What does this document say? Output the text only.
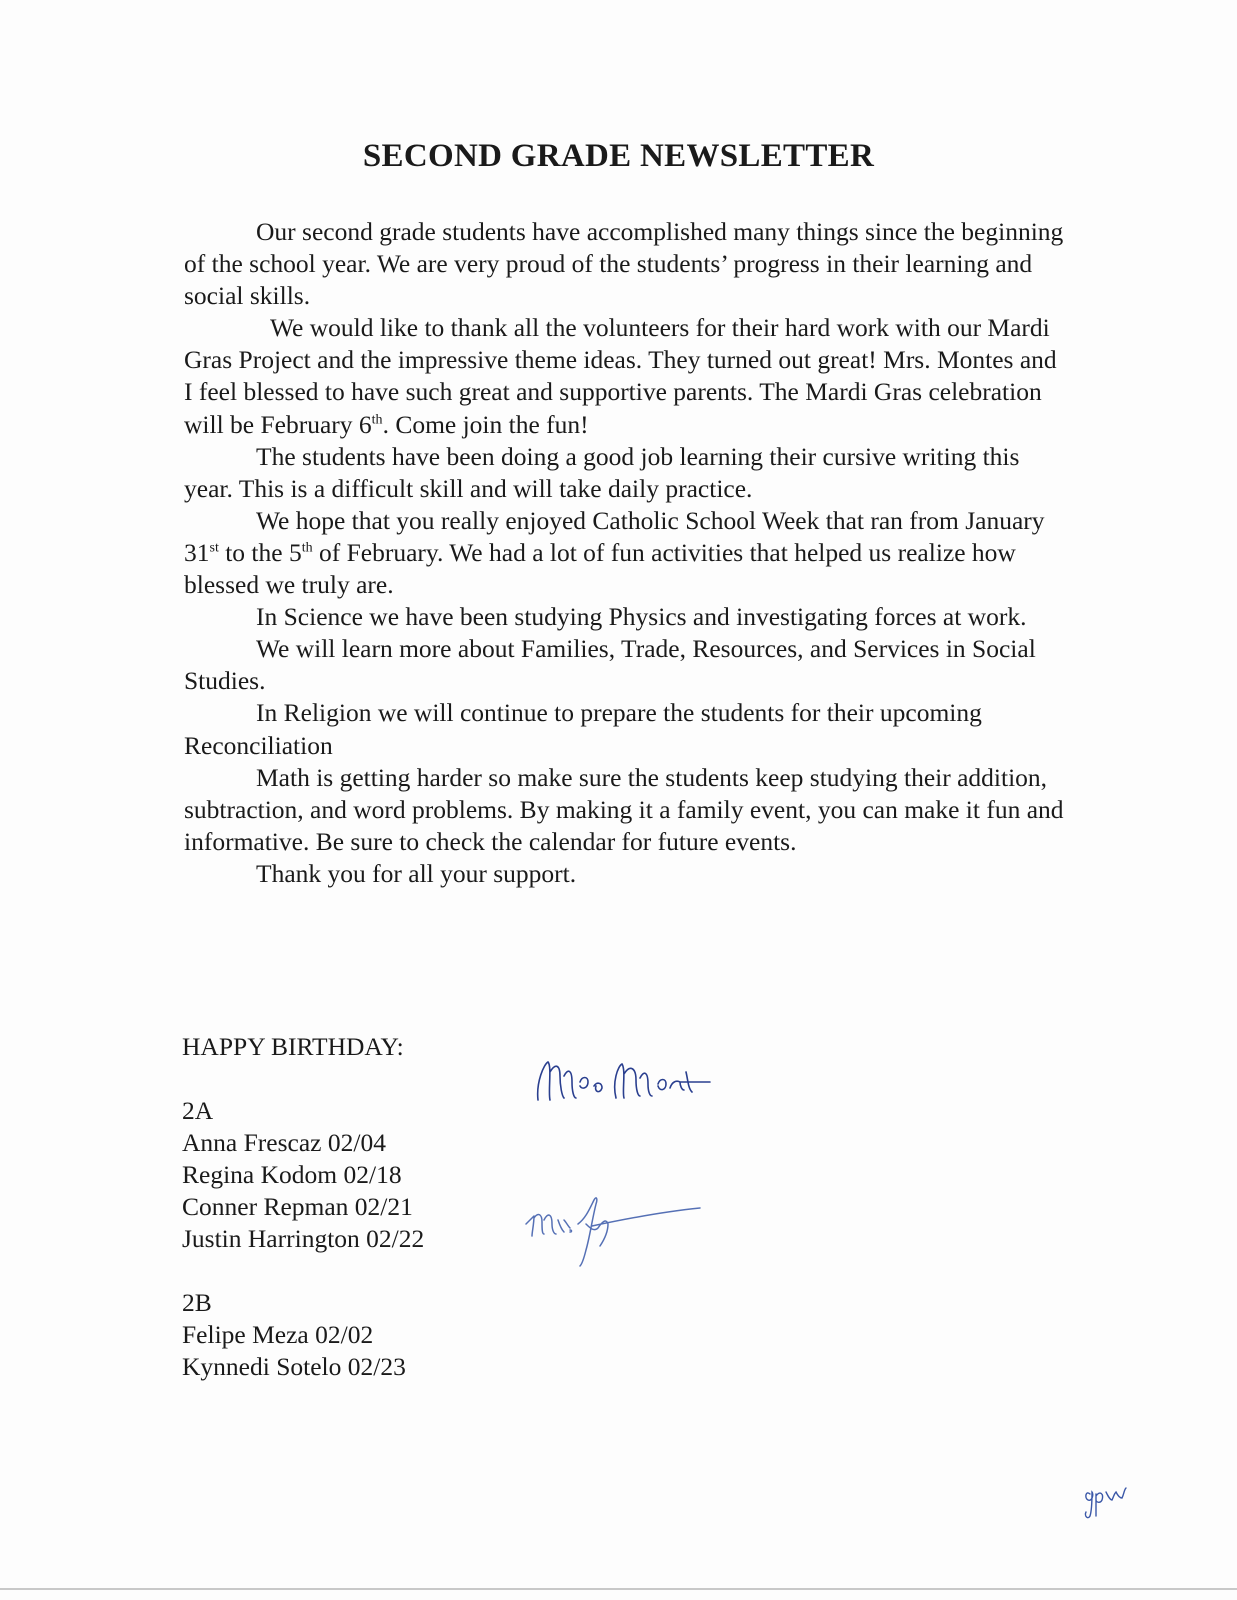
SECOND GRADE NEWSLETTER

Our second grade students have accomplished many things since the beginning of the school year. We are very proud of the students’ progress in their learning and social skills.

We would like to thank all the volunteers for their hard work with our Mardi Gras Project and the impressive theme ideas. They turned out great! Mrs. Montes and I feel blessed to have such great and supportive parents. The Mardi Gras celebration will be February 6th. Come join the fun!

The students have been doing a good job learning their cursive writing this year. This is a difficult skill and will take daily practice.

We hope that you really enjoyed Catholic School Week that ran from January 31st to the 5th of February. We had a lot of fun activities that helped us realize how blessed we truly are.

In Science we have been studying Physics and investigating forces at work.

We will learn more about Families, Trade, Resources, and Services in Social Studies.

In Religion we will continue to prepare the students for their upcoming Reconciliation

Math is getting harder so make sure the students keep studying their addition, subtraction, and word problems. By making it a family event, you can make it fun and informative. Be sure to check the calendar for future events.

Thank you for all your support.

HAPPY BIRTHDAY:

2A
Anna Frescaz 02/04
Regina Kodom 02/18
Conner Repman 02/21
Justin Harrington 02/22
2B
Felipe Meza 02/02
Kynnedi Sotelo 02/23
